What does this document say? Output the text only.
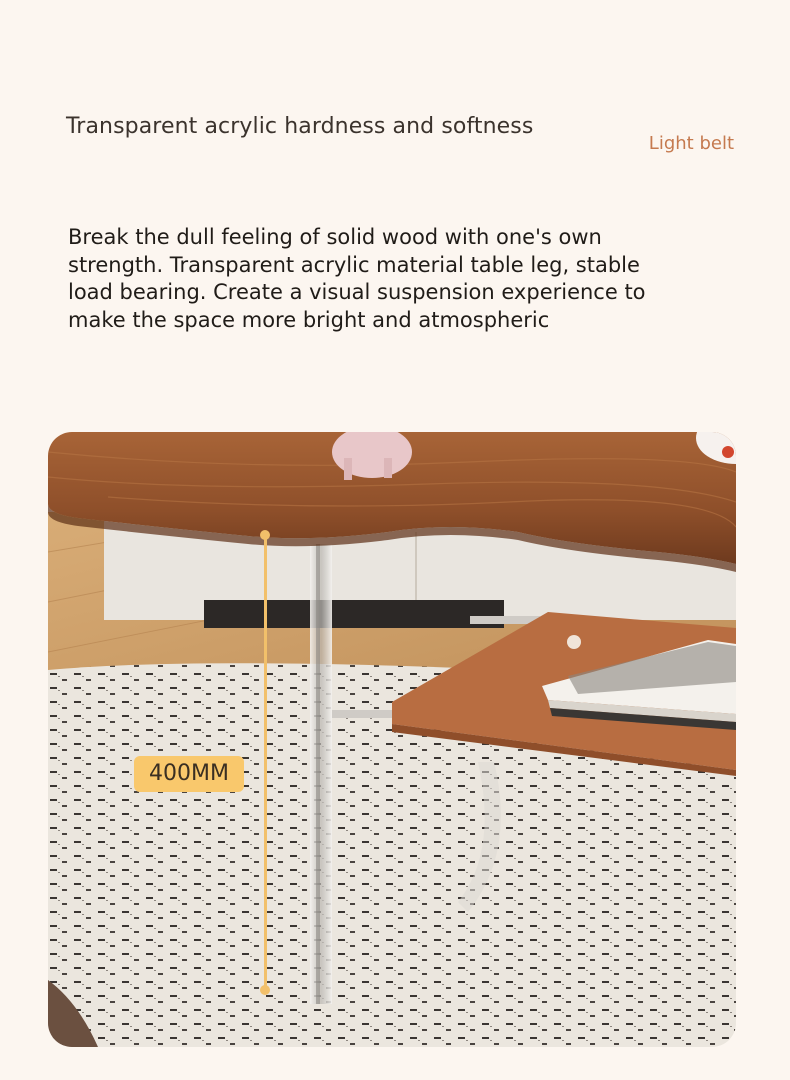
Transparent acrylic hardness and softness
Light belt
Break the dull feeling of solid wood with one's own strength. Transparent acrylic material table leg, stable load bearing. Create a visual suspension experience to make the space more bright and atmospheric
400MM
